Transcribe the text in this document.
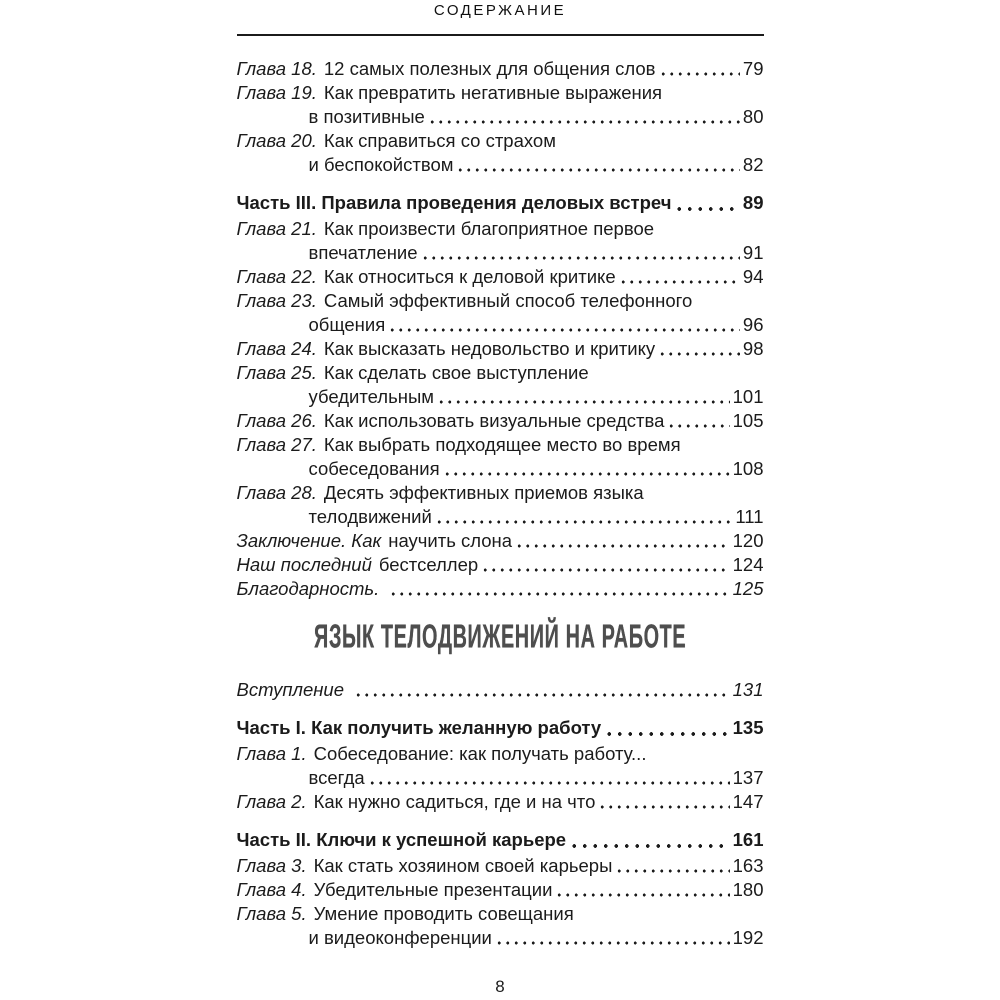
СОДЕРЖАНИЕ
Глава 18. 12 самых полезных для общения слов	79
Глава 19. Как превратить негативные выражения
в позитивные	80
Глава 20. Как справиться со страхом
и беспокойством	82
Часть III. Правила проведения деловых встреч	89
Глава 21. Как произвести благоприятное первое
впечатление	91
Глава 22. Как относиться к деловой критике	94
Глава 23. Самый эффективный способ телефонного
общения	96
Глава 24. Как высказать недовольство и критику	98
Глава 25. Как сделать свое выступление
убедительным	101
Глава 26. Как использовать визуальные средства	105
Глава 27. Как выбрать подходящее место во время
собеседования	108
Глава 28. Десять эффективных приемов языка
телодвижений	111
Заключение. Как научить слона	120
Наш последний бестселлер	124
Благодарность.	125
ЯЗЫК ТЕЛОДВИЖЕНИЙ НА РАБОТЕ
Вступление	131
Часть I. Как получить желанную работу	135
Глава 1. Собеседование: как получать работу...
всегда	137
Глава 2. Как нужно садиться, где и на что	147
Часть II. Ключи к успешной карьере	161
Глава 3. Как стать хозяином своей карьеры	163
Глава 4. Убедительные презентации	180
Глава 5. Умение проводить совещания
и видеоконференции	192
8
